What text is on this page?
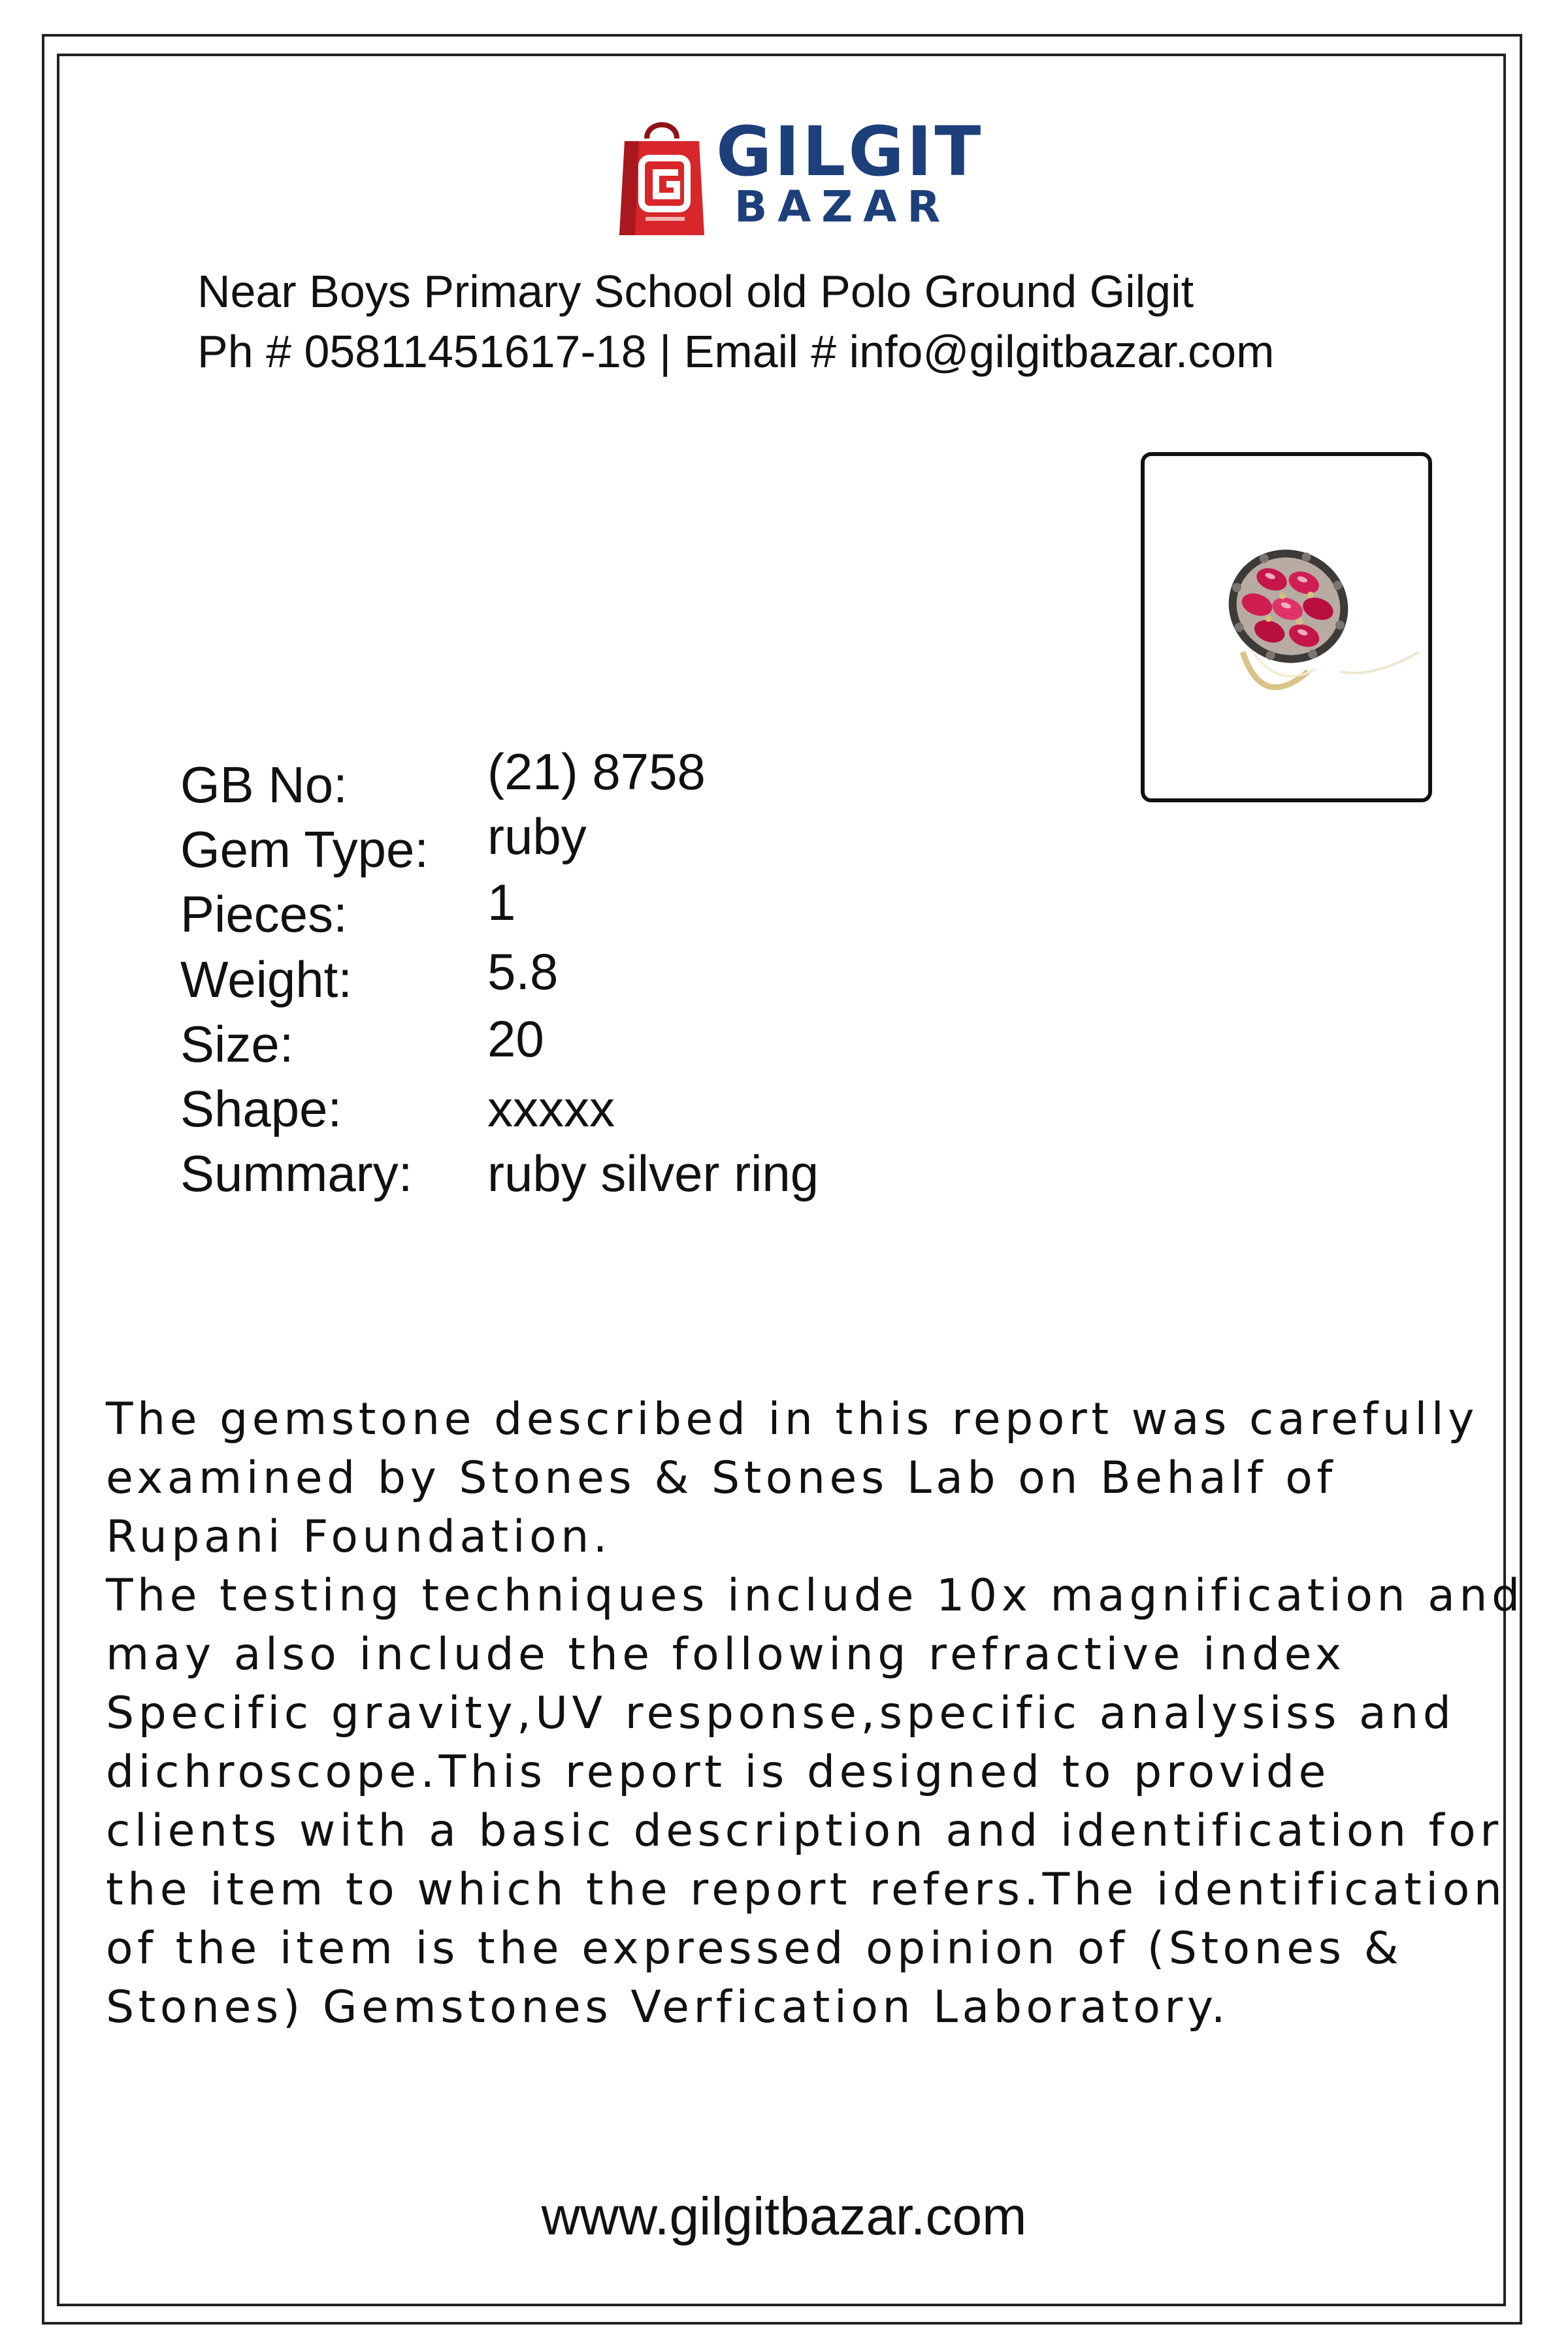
GILGIT
BAZAR
Near Boys Primary School old Polo Ground Gilgit
Ph # 05811451617-18 | Email # info@gilgitbazar.com
GB No:	(21) 8758
Gem Type: ruby
Pieces:	1
Weight:	5.8
Size:	20
Shape:	xxxxx
Summary: ruby silver ring
The gemstone described in this report was carefully
examined by Stones & Stones Lab on Behalf of
Rupani Foundation.
The testing techniques include 10x magnification and
may also include the following refractive index
Specific gravity,UV response,specific analysiss and
dichroscope.This report is designed to provide
clients with a basic description and identification for
the item to which the report refers.The identification
of the item is the expressed opinion of (Stones &
Stones) Gemstones Verfication Laboratory.
www.gilgitbazar.com
